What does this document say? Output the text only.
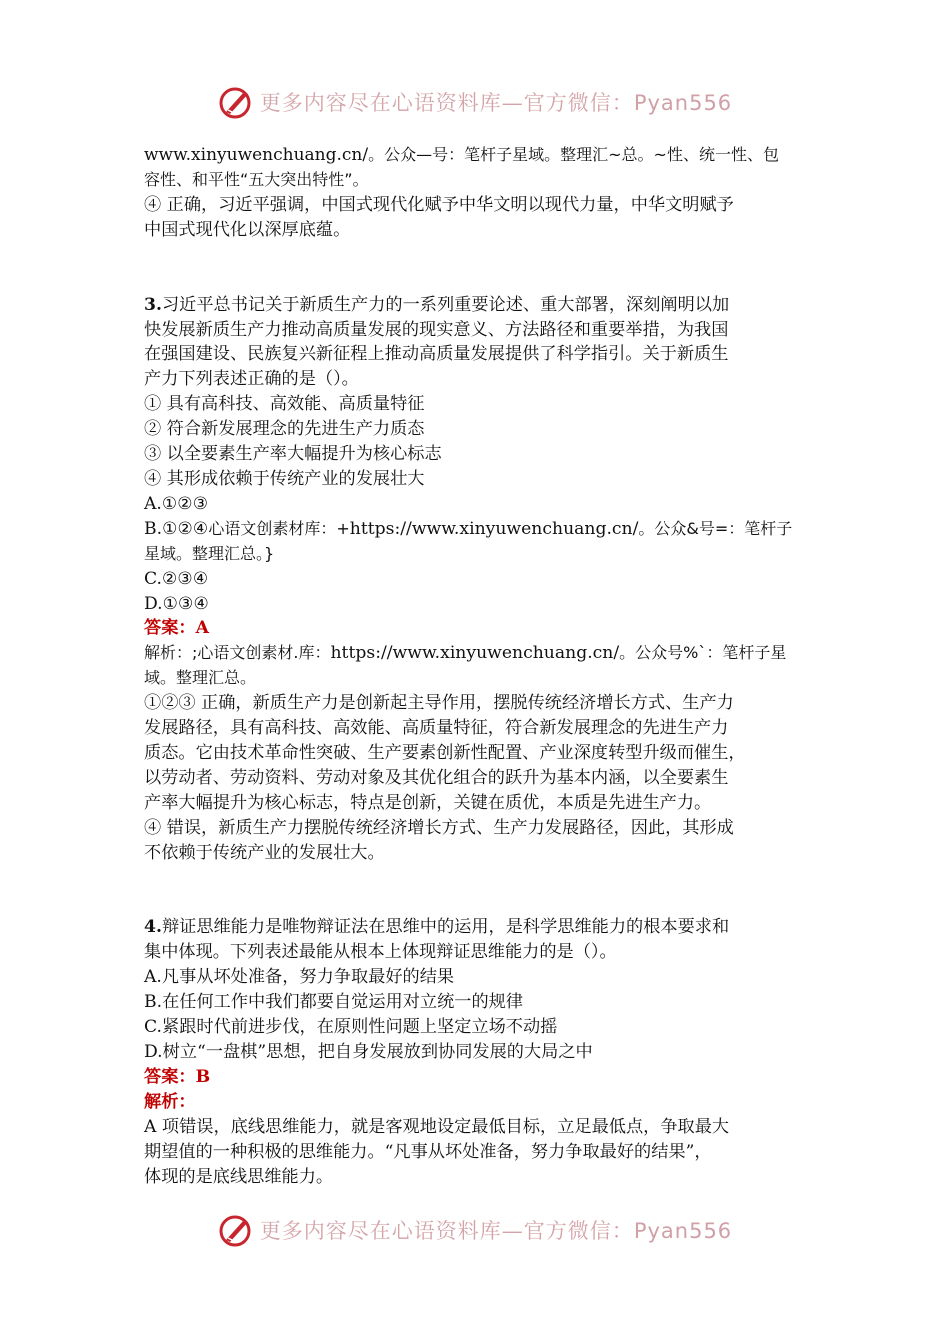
更多内容尽在心语资料库—官方微信：Pyan556

www.xinyuwenchuang.cn/。公众—号：笔杆子星域。整理汇~总。~性、统一性、包

容性、和平性“五大突出特性”。

④ 正确，习近平强调，中国式现代化赋予中华文明以现代力量，中华文明赋予

中国式现代化以深厚底蕴。

3.习近平总书记关于新质生产力的一系列重要论述、重大部署，深刻阐明以加

快发展新质生产力推动高质量发展的现实意义、方法路径和重要举措，为我国

在强国建设、民族复兴新征程上推动高质量发展提供了科学指引。关于新质生

产力下列表述正确的是（）。

① 具有高科技、高效能、高质量特征

② 符合新发展理念的先进生产力质态

③ 以全要素生产率大幅提升为核心标志

④ 其形成依赖于传统产业的发展壮大

A.①②③

B.①②④心语文创素材库：+https://www.xinyuwenchuang.cn/。公众&号=：笔杆子

星域。整理汇总。}

C.②③④

D.①③④

答案：A

解析：;心语文创素材.库：https://www.xinyuwenchuang.cn/。公众号%`：笔杆子星

域。整理汇总。

①②③ 正确，新质生产力是创新起主导作用，摆脱传统经济增长方式、生产力

发展路径，具有高科技、高效能、高质量特征，符合新发展理念的先进生产力

质态。它由技术革命性突破、生产要素创新性配置、产业深度转型升级而催生，

以劳动者、劳动资料、劳动对象及其优化组合的跃升为基本内涵，以全要素生

产率大幅提升为核心标志，特点是创新，关键在质优，本质是先进生产力。

④ 错误，新质生产力摆脱传统经济增长方式、生产力发展路径，因此，其形成

不依赖于传统产业的发展壮大。

4.辩证思维能力是唯物辩证法在思维中的运用，是科学思维能力的根本要求和

集中体现。下列表述最能从根本上体现辩证思维能力的是（）。

A.凡事从坏处准备，努力争取最好的结果

B.在任何工作中我们都要自觉运用对立统一的规律

C.紧跟时代前进步伐，在原则性问题上坚定立场不动摇

D.树立“一盘棋”思想，把自身发展放到协同发展的大局之中

答案：B

解析：

A 项错误，底线思维能力，就是客观地设定最低目标，立足最低点，争取最大

期望值的一种积极的思维能力。“凡事从坏处准备，努力争取最好的结果”，

体现的是底线思维能力。

更多内容尽在心语资料库—官方微信：Pyan556
